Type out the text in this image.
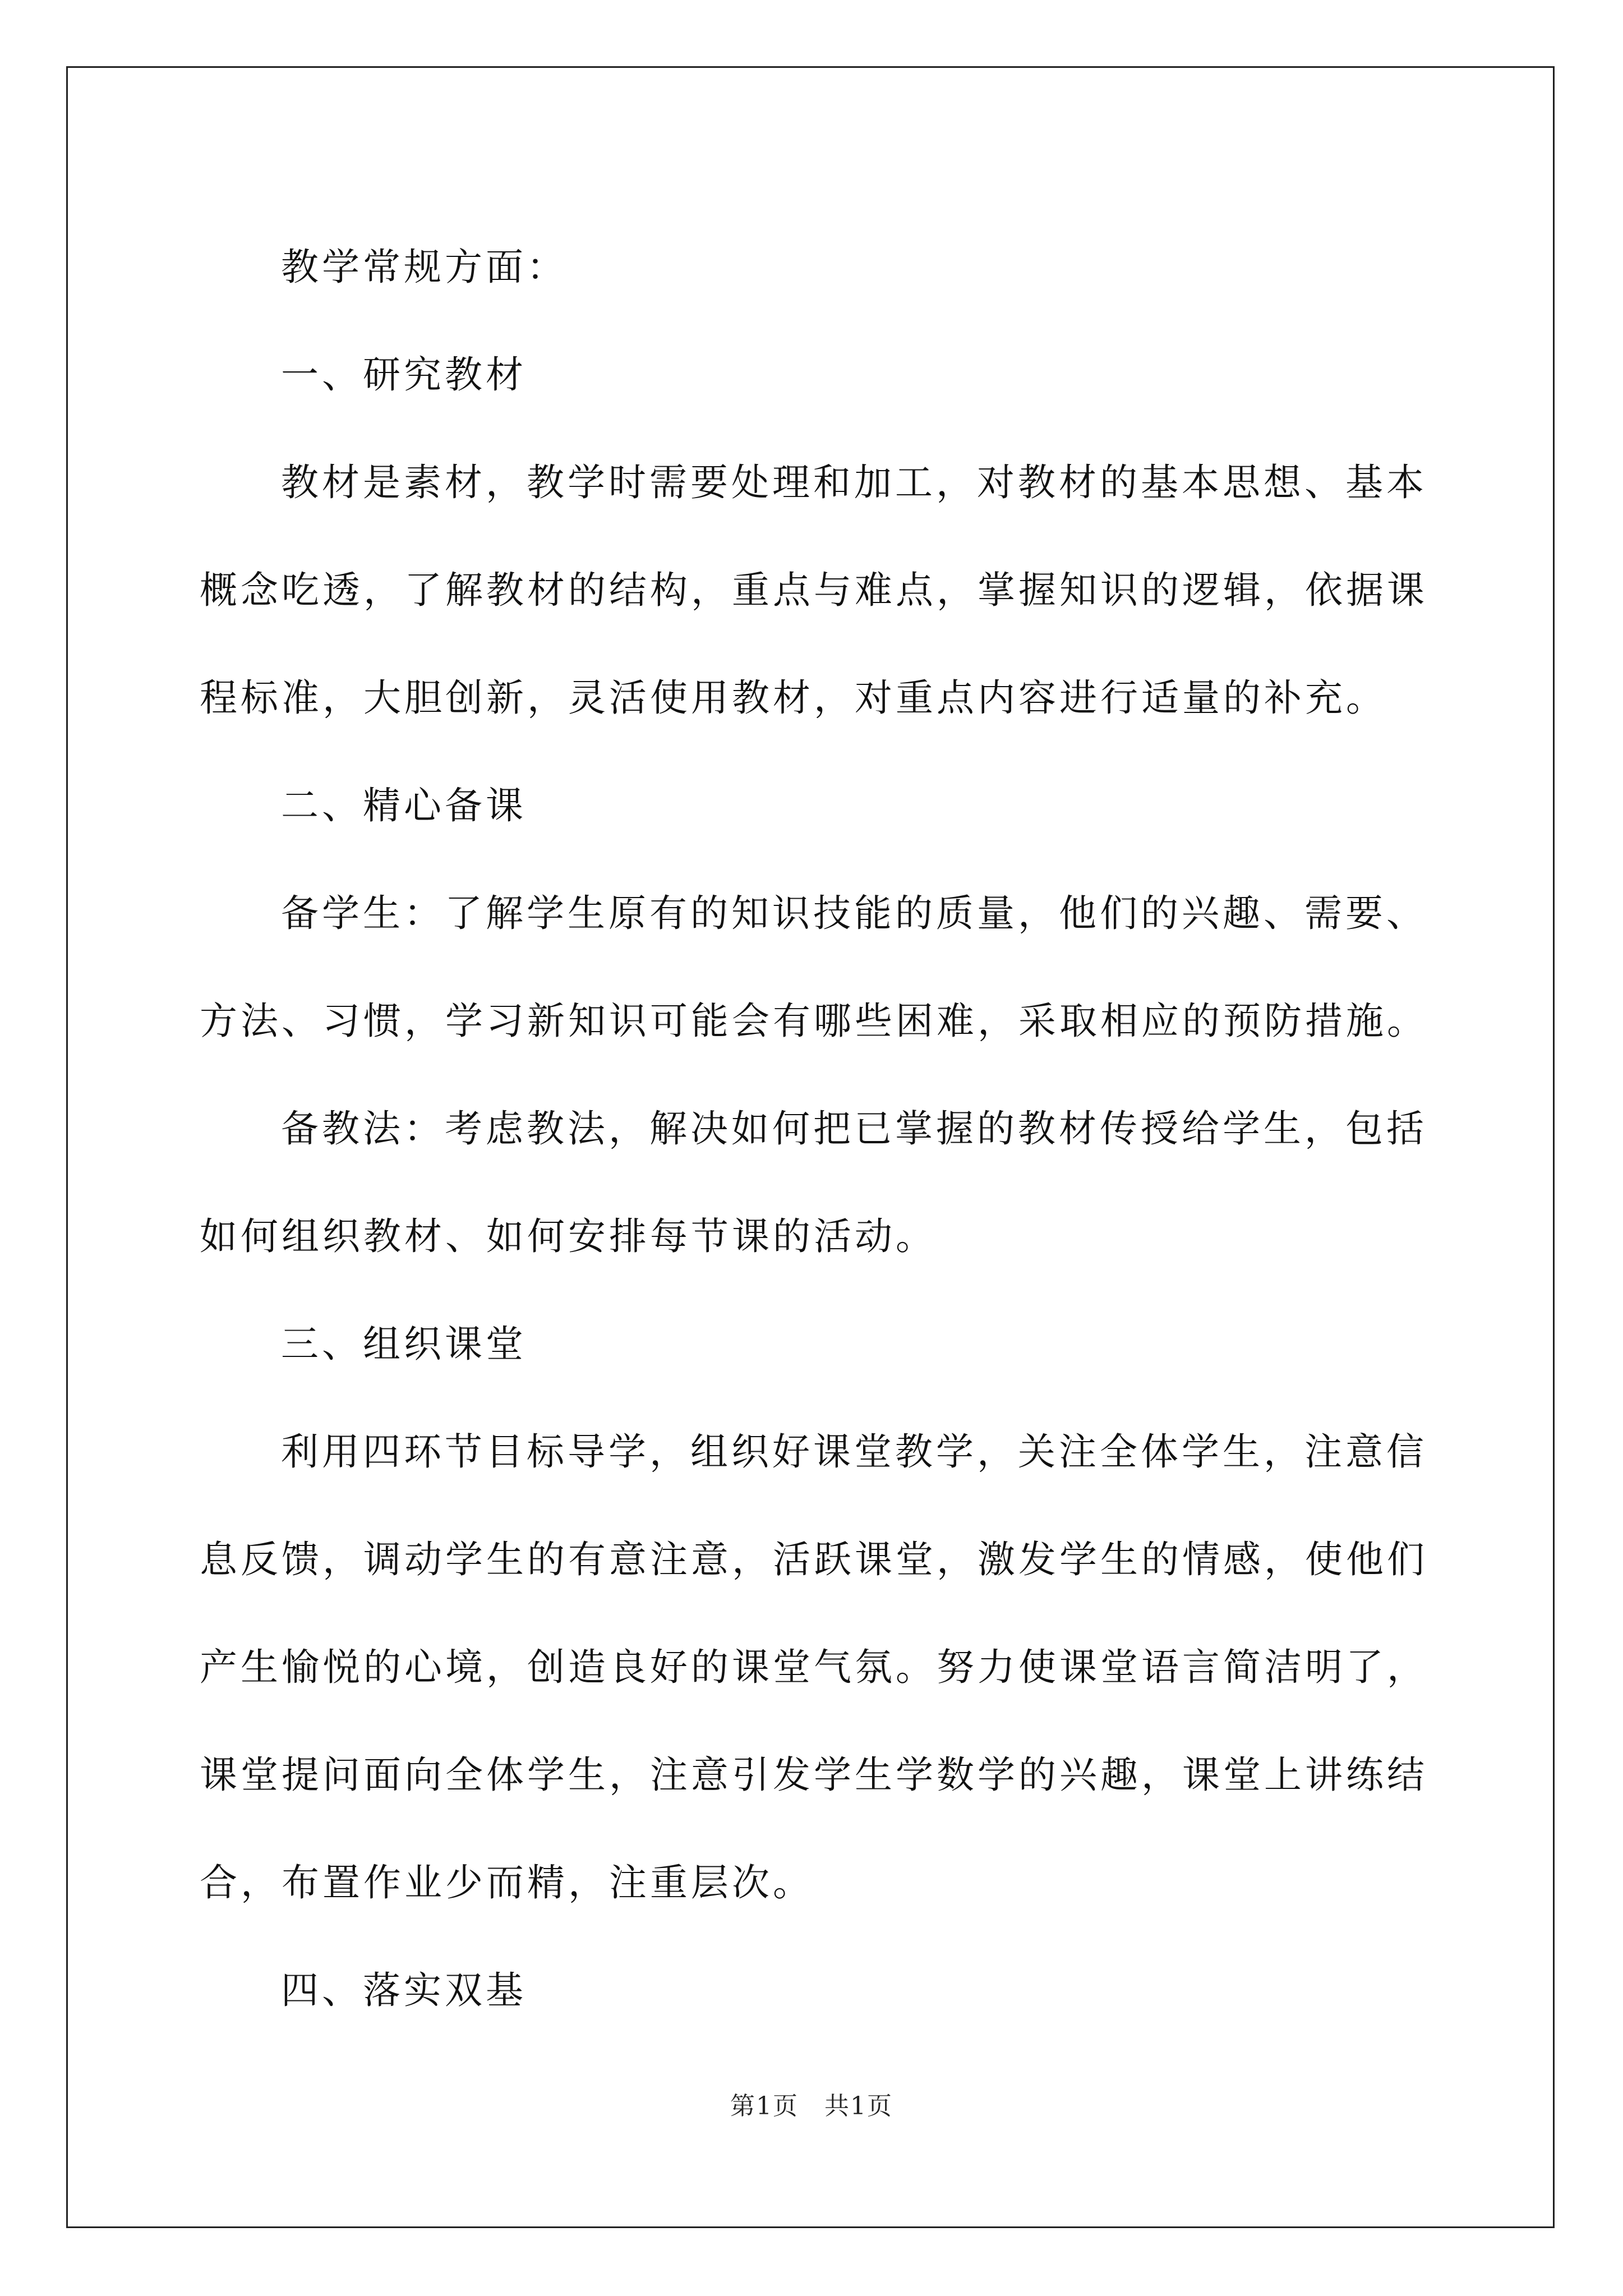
教学常规方面：

一、研究教材

教材是素材，教学时需要处理和加工，对教材的基本思想、基本概念吃透，了解教材的结构，重点与难点，掌握知识的逻辑，依据课程标准，大胆创新，灵活使用教材，对重点内容进行适量的补充。

二、精心备课

备学生：了解学生原有的知识技能的质量，他们的兴趣、需要、方法、习惯，学习新知识可能会有哪些困难，采取相应的预防措施。

备教法：考虑教法，解决如何把已掌握的教材传授给学生，包括如何组织教材、如何安排每节课的活动。

三、组织课堂

利用四环节目标导学，组织好课堂教学，关注全体学生，注意信息反馈，调动学生的有意注意，活跃课堂，激发学生的情感，使他们产生愉悦的心境，创造良好的课堂气氛。努力使课堂语言简洁明了，课堂提问面向全体学生，注意引发学生学数学的兴趣，课堂上讲练结合，布置作业少而精，注重层次。

四、落实双基

第1页　共1页
